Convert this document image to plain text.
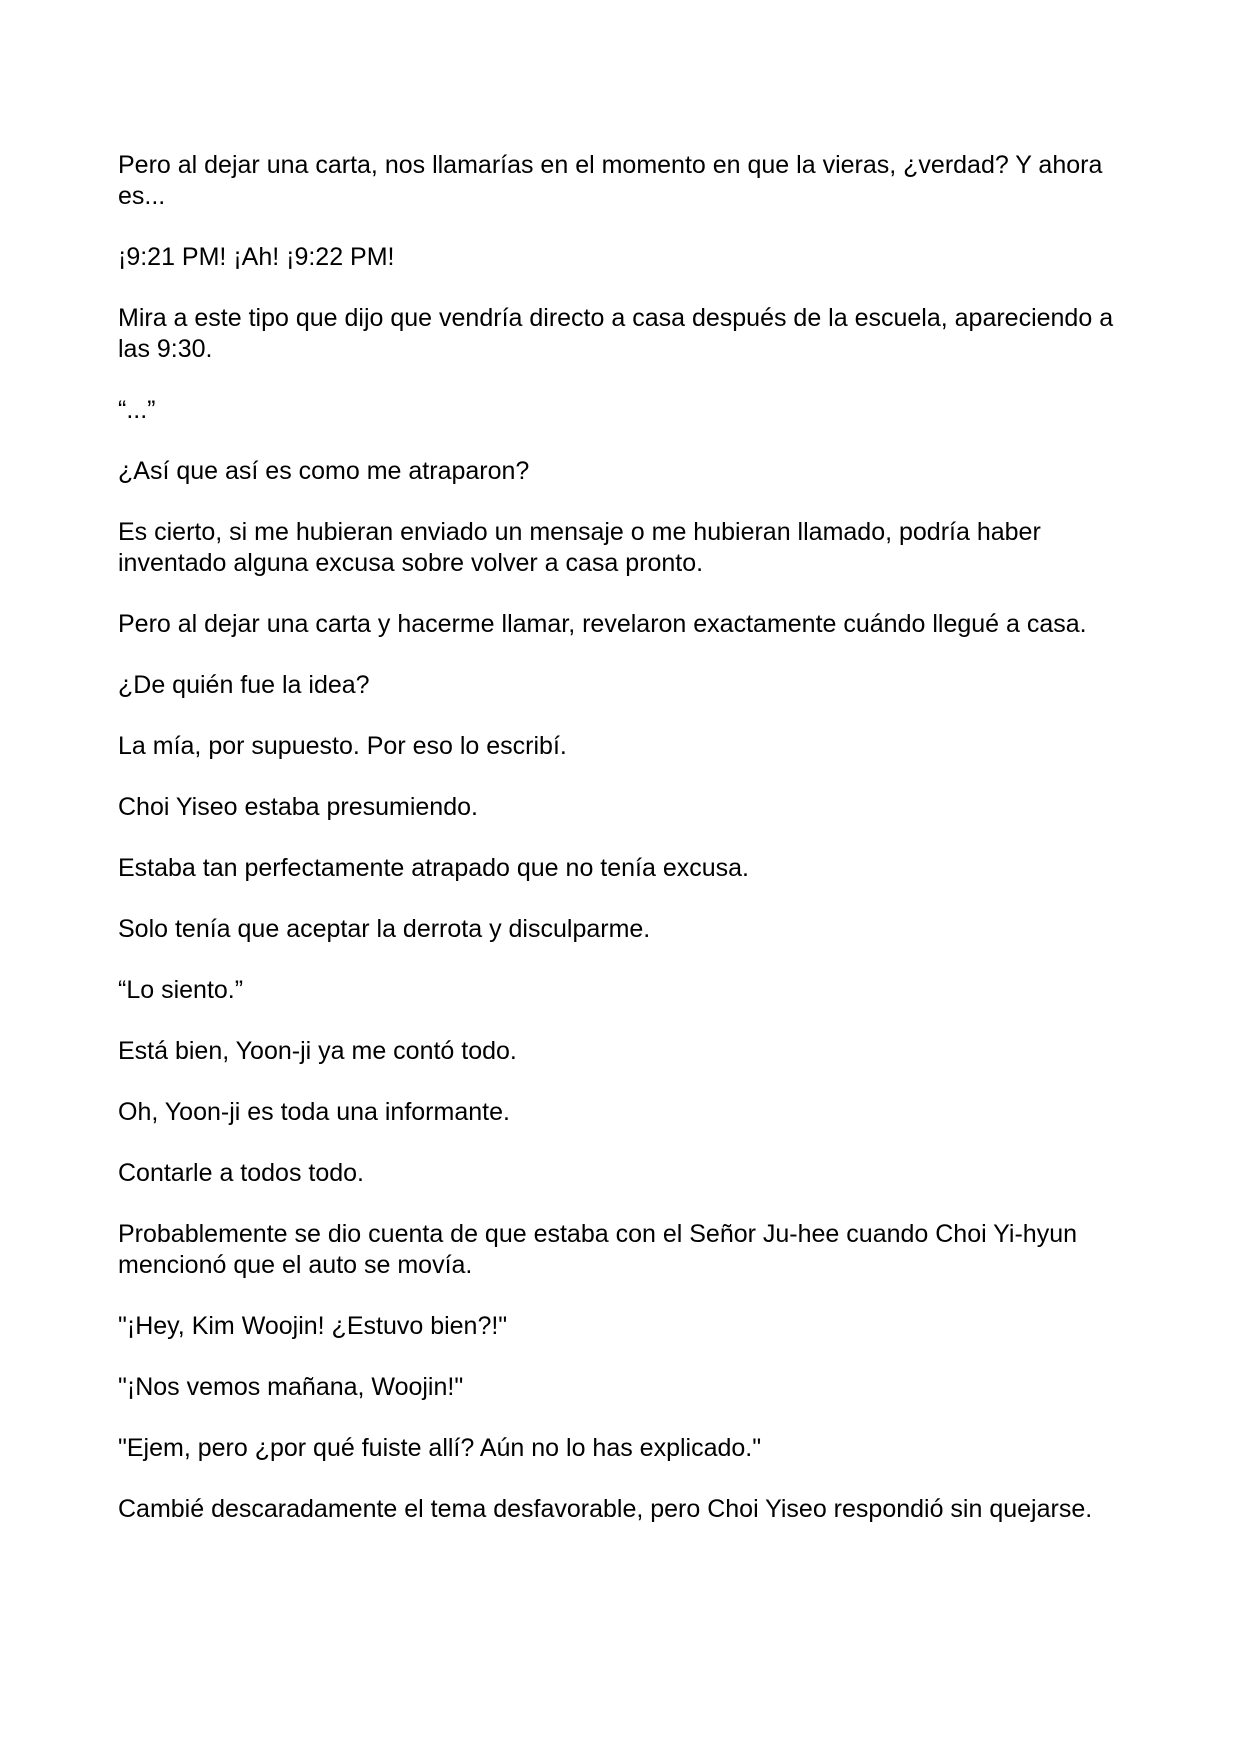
Pero al dejar una carta, nos llamarías en el momento en que la vieras, ¿verdad? Y ahora es...

¡9:21 PM! ¡Ah! ¡9:22 PM!

Mira a este tipo que dijo que vendría directo a casa después de la escuela, apareciendo a las 9:30.

“...”

¿Así que así es como me atraparon?

Es cierto, si me hubieran enviado un mensaje o me hubieran llamado, podría haber inventado alguna excusa sobre volver a casa pronto.

Pero al dejar una carta y hacerme llamar, revelaron exactamente cuándo llegué a casa.

¿De quién fue la idea?

La mía, por supuesto. Por eso lo escribí.

Choi Yiseo estaba presumiendo.

Estaba tan perfectamente atrapado que no tenía excusa.

Solo tenía que aceptar la derrota y disculparme.

“Lo siento.”

Está bien, Yoon-ji ya me contó todo.

Oh, Yoon-ji es toda una informante.

Contarle a todos todo.

Probablemente se dio cuenta de que estaba con el Señor Ju-hee cuando Choi Yi-hyun mencionó que el auto se movía.

"¡Hey, Kim Woojin! ¿Estuvo bien?!"

"¡Nos vemos mañana, Woojin!"

"Ejem, pero ¿por qué fuiste allí? Aún no lo has explicado."

Cambié descaradamente el tema desfavorable, pero Choi Yiseo respondió sin quejarse.
